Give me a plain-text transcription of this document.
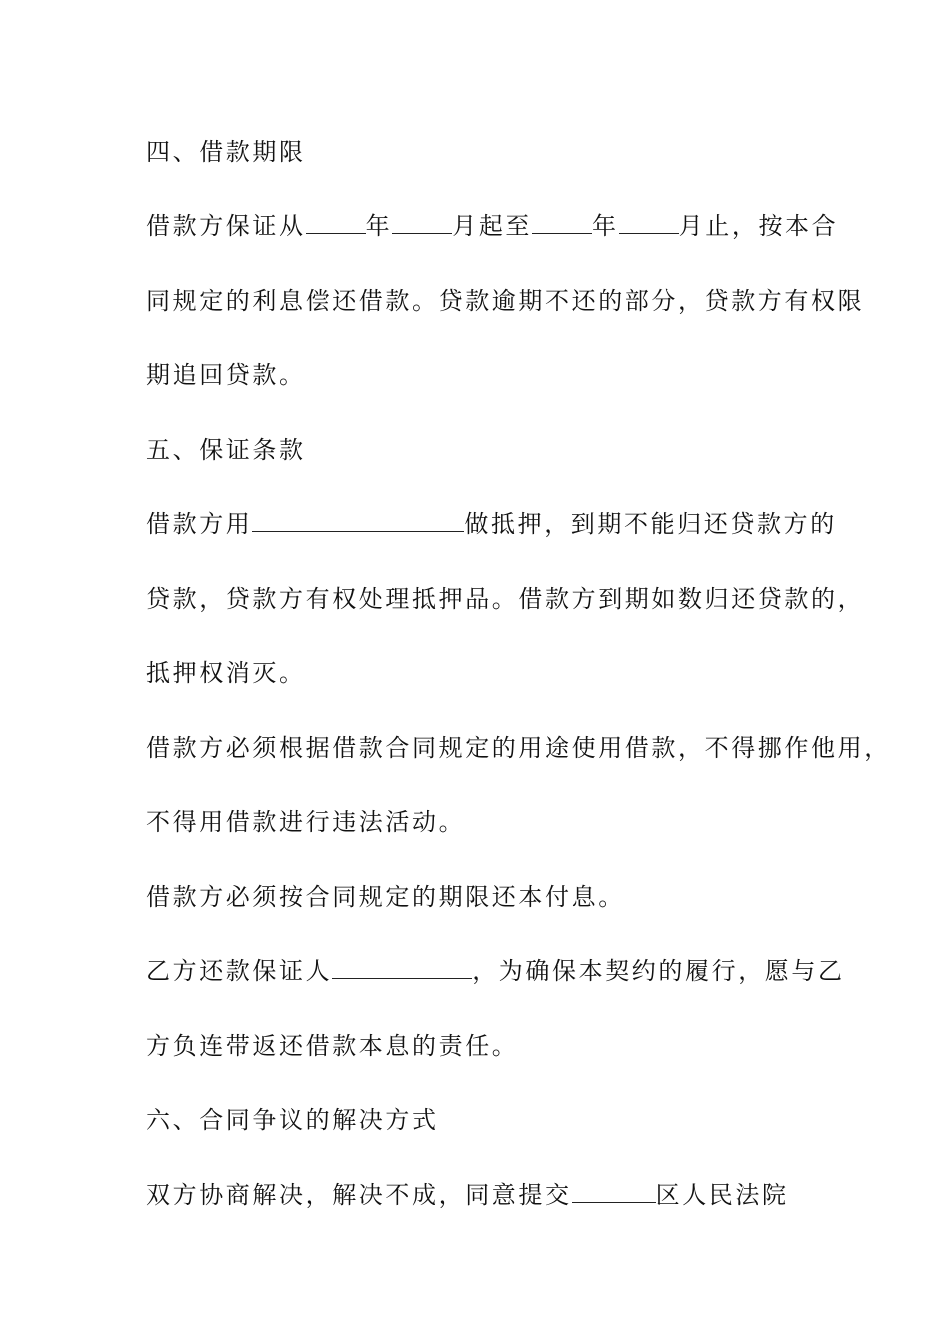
四、借款期限
借款方保证从	年	月起至	年	月止，按本合
同规定的利息偿还借款。贷款逾期不还的部分，贷款方有权限
期追回贷款。
五、保证条款
借款方用	做抵押，到期不能归还贷款方的
贷款，贷款方有权处理抵押品。借款方到期如数归还贷款的，
抵押权消灭。
借款方必须根据借款合同规定的用途使用借款，不得挪作他用，
不得用借款进行违法活动。
借款方必须按合同规定的期限还本付息。
乙方还款保证人	，为确保本契约的履行，愿与乙
方负连带返还借款本息的责任。
六、合同争议的解决方式
双方协商解决，解决不成，同意提交	区人民法院
